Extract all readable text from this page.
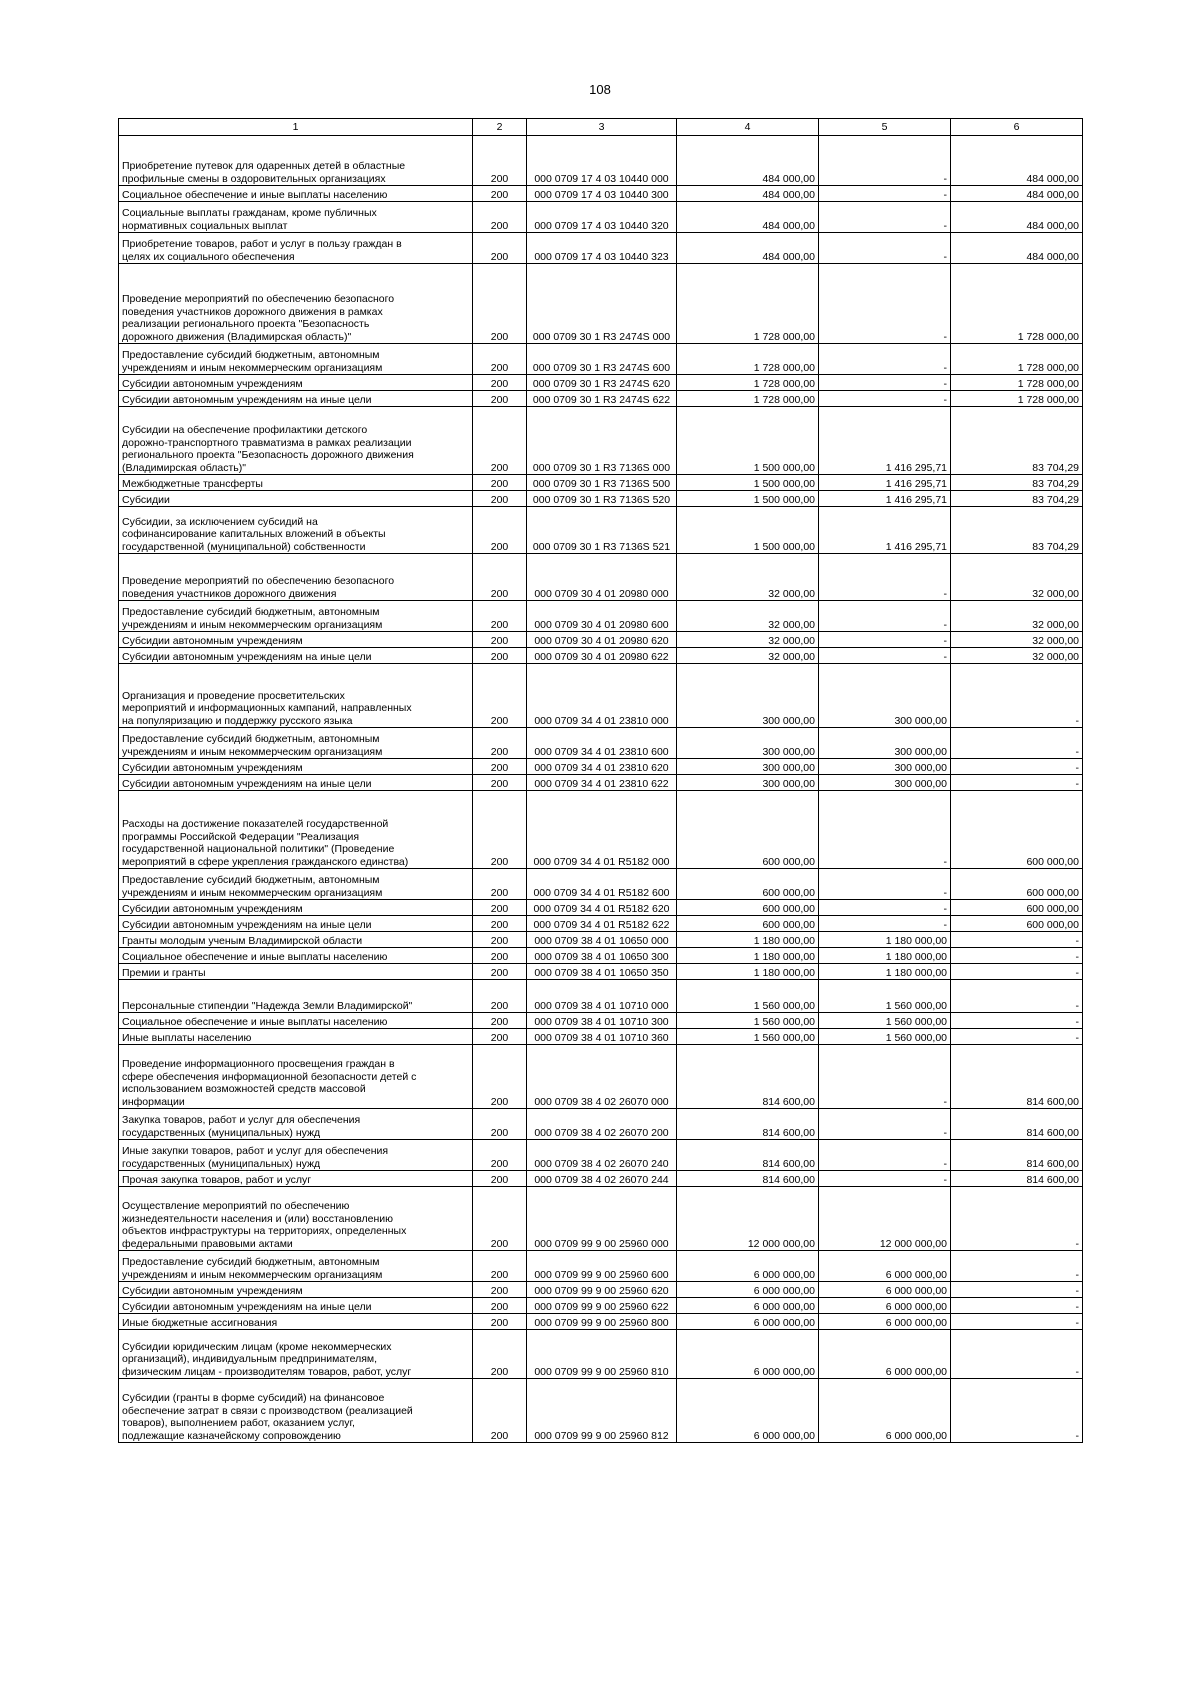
108
1	2	3	4	5	6
Приобретение путевок для одаренных детей в областные
профильные смены в оздоровительных организациях	200	000 0709 17 4 03 10440 000	484 000,00	-	484 000,00
Социальное обеспечение и иные выплаты населению	200	000 0709 17 4 03 10440 300	484 000,00	-	484 000,00
Социальные выплаты гражданам, кроме публичных
нормативных социальных выплат	200	000 0709 17 4 03 10440 320	484 000,00	-	484 000,00
Приобретение товаров, работ и услуг в пользу граждан в
целях их социального обеспечения	200	000 0709 17 4 03 10440 323	484 000,00	-	484 000,00
Проведение мероприятий по обеспечению безопасного
поведения участников дорожного движения в рамках
реализации регионального проекта "Безопасность
дорожного движения (Владимирская область)"	200	000 0709 30 1 R3 2474S 000	1 728 000,00	-	1 728 000,00
Предоставление субсидий бюджетным, автономным
учреждениям и иным некоммерческим организациям	200	000 0709 30 1 R3 2474S 600	1 728 000,00	-	1 728 000,00
Субсидии автономным учреждениям	200	000 0709 30 1 R3 2474S 620	1 728 000,00	-	1 728 000,00
Субсидии автономным учреждениям на иные цели	200	000 0709 30 1 R3 2474S 622	1 728 000,00	-	1 728 000,00
Субсидии на обеспечение профилактики детского
дорожно-транспортного травматизма в рамках реализации
регионального проекта "Безопасность дорожного движения
(Владимирская область)"	200	000 0709 30 1 R3 7136S 000	1 500 000,00	1 416 295,71	83 704,29
Межбюджетные трансферты	200	000 0709 30 1 R3 7136S 500	1 500 000,00	1 416 295,71	83 704,29
Субсидии	200	000 0709 30 1 R3 7136S 520	1 500 000,00	1 416 295,71	83 704,29
Субсидии, за исключением субсидий на
софинансирование капитальных вложений в объекты
государственной (муниципальной) собственности	200	000 0709 30 1 R3 7136S 521	1 500 000,00	1 416 295,71	83 704,29
Проведение мероприятий по обеспечению безопасного
поведения участников дорожного движения	200	000 0709 30 4 01 20980 000	32 000,00	-	32 000,00
Предоставление субсидий бюджетным, автономным
учреждениям и иным некоммерческим организациям	200	000 0709 30 4 01 20980 600	32 000,00	-	32 000,00
Субсидии автономным учреждениям	200	000 0709 30 4 01 20980 620	32 000,00	-	32 000,00
Субсидии автономным учреждениям на иные цели	200	000 0709 30 4 01 20980 622	32 000,00	-	32 000,00
Организация и проведение просветительских
мероприятий и информационных кампаний, направленных
на популяризацию и поддержку русского языка	200	000 0709 34 4 01 23810 000	300 000,00	300 000,00	-
Предоставление субсидий бюджетным, автономным
учреждениям и иным некоммерческим организациям	200	000 0709 34 4 01 23810 600	300 000,00	300 000,00	-
Субсидии автономным учреждениям	200	000 0709 34 4 01 23810 620	300 000,00	300 000,00	-
Субсидии автономным учреждениям на иные цели	200	000 0709 34 4 01 23810 622	300 000,00	300 000,00	-
Расходы на достижение показателей государственной
программы Российской Федерации "Реализация
государственной национальной политики" (Проведение
мероприятий в сфере укрепления гражданского единства)	200	000 0709 34 4 01 R5182 000	600 000,00	-	600 000,00
Предоставление субсидий бюджетным, автономным
учреждениям и иным некоммерческим организациям	200	000 0709 34 4 01 R5182 600	600 000,00	-	600 000,00
Субсидии автономным учреждениям	200	000 0709 34 4 01 R5182 620	600 000,00	-	600 000,00
Субсидии автономным учреждениям на иные цели	200	000 0709 34 4 01 R5182 622	600 000,00	-	600 000,00
Гранты молодым ученым Владимирской области	200	000 0709 38 4 01 10650 000	1 180 000,00	1 180 000,00	-
Социальное обеспечение и иные выплаты населению	200	000 0709 38 4 01 10650 300	1 180 000,00	1 180 000,00	-
Премии и гранты	200	000 0709 38 4 01 10650 350	1 180 000,00	1 180 000,00	-
Персональные стипендии "Надежда Земли Владимирской"	200	000 0709 38 4 01 10710 000	1 560 000,00	1 560 000,00	-
Социальное обеспечение и иные выплаты населению	200	000 0709 38 4 01 10710 300	1 560 000,00	1 560 000,00	-
Иные выплаты населению	200	000 0709 38 4 01 10710 360	1 560 000,00	1 560 000,00	-
Проведение информационного просвещения граждан в
сфере обеспечения информационной безопасности детей с
использованием возможностей средств массовой
информации	200	000 0709 38 4 02 26070 000	814 600,00	-	814 600,00
Закупка товаров, работ и услуг для обеспечения
государственных (муниципальных) нужд	200	000 0709 38 4 02 26070 200	814 600,00	-	814 600,00
Иные закупки товаров, работ и услуг для обеспечения
государственных (муниципальных) нужд	200	000 0709 38 4 02 26070 240	814 600,00	-	814 600,00
Прочая закупка товаров, работ и услуг	200	000 0709 38 4 02 26070 244	814 600,00	-	814 600,00
Осуществление мероприятий по обеспечению
жизнедеятельности населения и (или) восстановлению
объектов инфраструктуры на территориях, определенных
федеральными правовыми актами	200	000 0709 99 9 00 25960 000	12 000 000,00	12 000 000,00	-
Предоставление субсидий бюджетным, автономным
учреждениям и иным некоммерческим организациям	200	000 0709 99 9 00 25960 600	6 000 000,00	6 000 000,00	-
Субсидии автономным учреждениям	200	000 0709 99 9 00 25960 620	6 000 000,00	6 000 000,00	-
Субсидии автономным учреждениям на иные цели	200	000 0709 99 9 00 25960 622	6 000 000,00	6 000 000,00	-
Иные бюджетные ассигнования	200	000 0709 99 9 00 25960 800	6 000 000,00	6 000 000,00	-
Субсидии юридическим лицам (кроме некоммерческих
организаций), индивидуальным предпринимателям,
физическим лицам - производителям товаров, работ, услуг	200	000 0709 99 9 00 25960 810	6 000 000,00	6 000 000,00	-
Субсидии (гранты в форме субсидий) на финансовое
обеспечение затрат в связи с производством (реализацией
товаров), выполнением работ, оказанием услуг,
подлежащие казначейскому сопровождению	200	000 0709 99 9 00 25960 812	6 000 000,00	6 000 000,00	-
